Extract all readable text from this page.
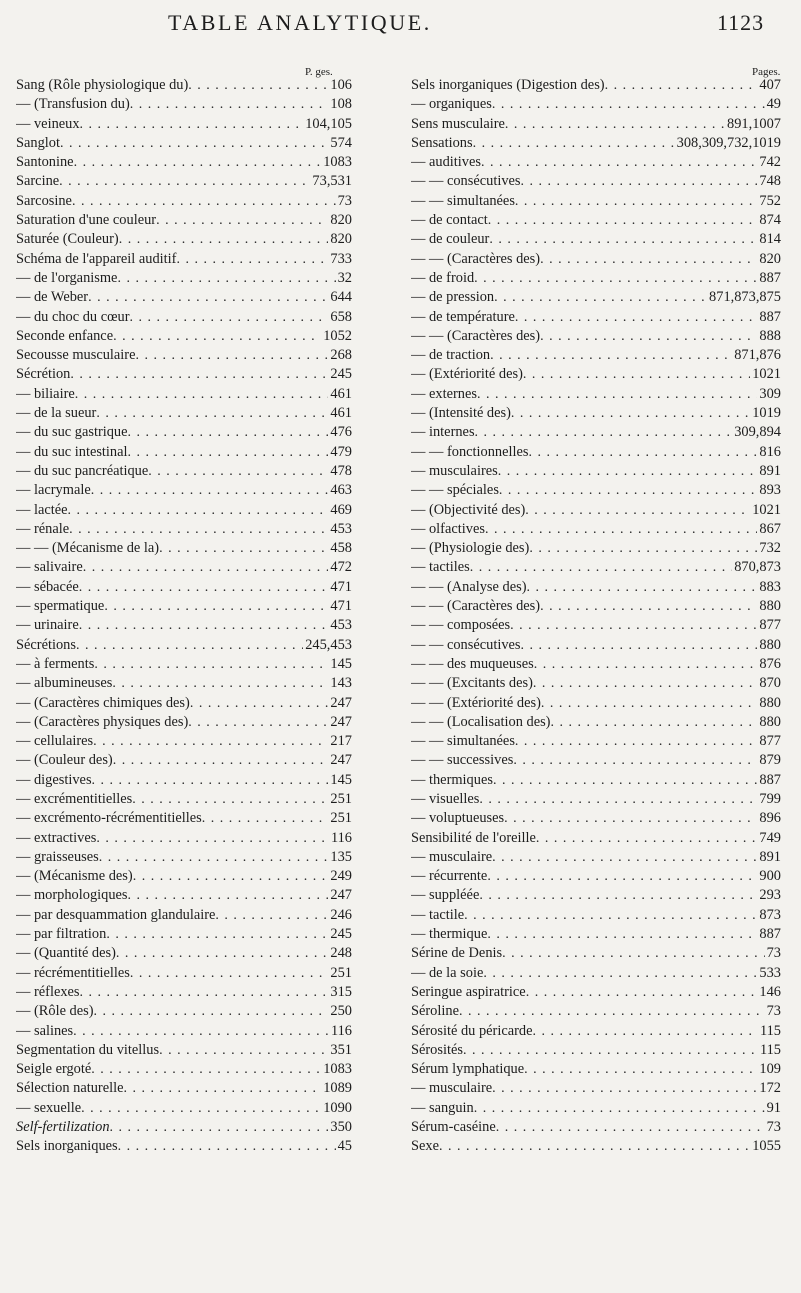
TABLE ANALYTIQUE.	1123
P. ges.
Sang (Rôle physiologique du) . . .	106
— (Transfusion du) . . .	108
— veineux . . .	104,105
Sanglot . . .	574
Santonine . . .	1083
Sarcine . . .	73,531
Sarcosine . . .	73
Saturation d'une couleur . . .	820
Saturée (Couleur) . . .	820
Schéma de l'appareil auditif . . .	733
— de l'organisme . . .	32
— de Weber . . .	644
— du choc du cœur . . .	658
Seconde enfance . . .	1052
Secousse musculaire . . .	268
Sécrétion . . .	245
— biliaire . . .	461
— de la sueur . . .	461
— du suc gastrique . . .	476
— du suc intestinal . . .	479
— du suc pancréatique . . .	478
— lacrymale . . .	463
— lactée . . .	469
— rénale . . .	453
— — (Mécanisme de la) . . .	458
— salivaire . . .	472
— sébacée . . .	471
— spermatique . . .	471
— urinaire . . .	453
Sécrétions . . .	245,453
— à ferments . . .	145
— albumineuses . . .	143
— (Caractères chimiques des) . . .	247
— (Caractères physiques des) . . .	247
— cellulaires . . .	217
— (Couleur des) . . .	247
— digestives . . .	145
— excrémentitielles . . .	251
— excrémento-récrémentitielles . . .	251
— extractives . . .	116
— graisseuses . . .	135
— (Mécanisme des) . . .	249
— morphologiques . . .	247
— par desquammation glandulaire . . .	246
— par filtration . . .	245
— (Quantité des) . . .	248
— récrémentitielles . . .	251
— réflexes . . .	315
— (Rôle des) . . .	250
— salines . . .	116
Segmentation du vitellus . . .	351
Seigle ergoté . . .	1083
Sélection naturelle . . .	1089
— sexuelle . . .	1090
Self-fertilization . . .	350
Sels inorganiques . . .	45
Pages.
Sels inorganiques (Digestion des) . . .	407
— organiques . . .	49
Sens musculaire . . .	891,1007
Sensations . . .	308,309,732,1019
— auditives . . .	742
— — consécutives . . .	748
— — simultanées . . .	752
— de contact . . .	874
— de couleur . . .	814
— — (Caractères des) . . .	820
— de froid . . .	887
— de pression . . .	871,873,875
— de température . . .	887
— — (Caractères des) . . .	888
— de traction . . .	871,876
— (Extériorité des) . . .	1021
— externes . . .	309
— (Intensité des) . . .	1019
— internes . . .	309,894
— — fonctionnelles . . .	816
— musculaires . . .	891
— — spéciales . . .	893
— (Objectivité des) . . .	1021
— olfactives . . .	867
— (Physiologie des) . . .	732
— tactiles . . .	870,873
— — (Analyse des) . . .	883
— — (Caractères des) . . .	880
— — composées . . .	877
— — consécutives . . .	880
— — des muqueuses . . .	876
— — (Excitants des) . . .	870
— — (Extériorité des) . . .	880
— — (Localisation des) . . .	880
— — simultanées . . .	877
— — successives . . .	879
— thermiques . . .	887
— visuelles . . .	799
— voluptueuses . . .	896
Sensibilité de l'oreille . . .	749
— musculaire . . .	891
— récurrente . . .	900
— suppléée . . .	293
— tactile . . .	873
— thermique . . .	887
Sérine de Denis . . .	73
— de la soie . . .	533
Seringue aspiratrice . . .	146
Séroline . . .	73
Sérosité du péricarde . . .	115
Sérosités . . .	115
Sérum lymphatique . . .	109
— musculaire . . .	172
— sanguin . . .	91
Sérum-caséine . . .	73
Sexe . . .	1055
